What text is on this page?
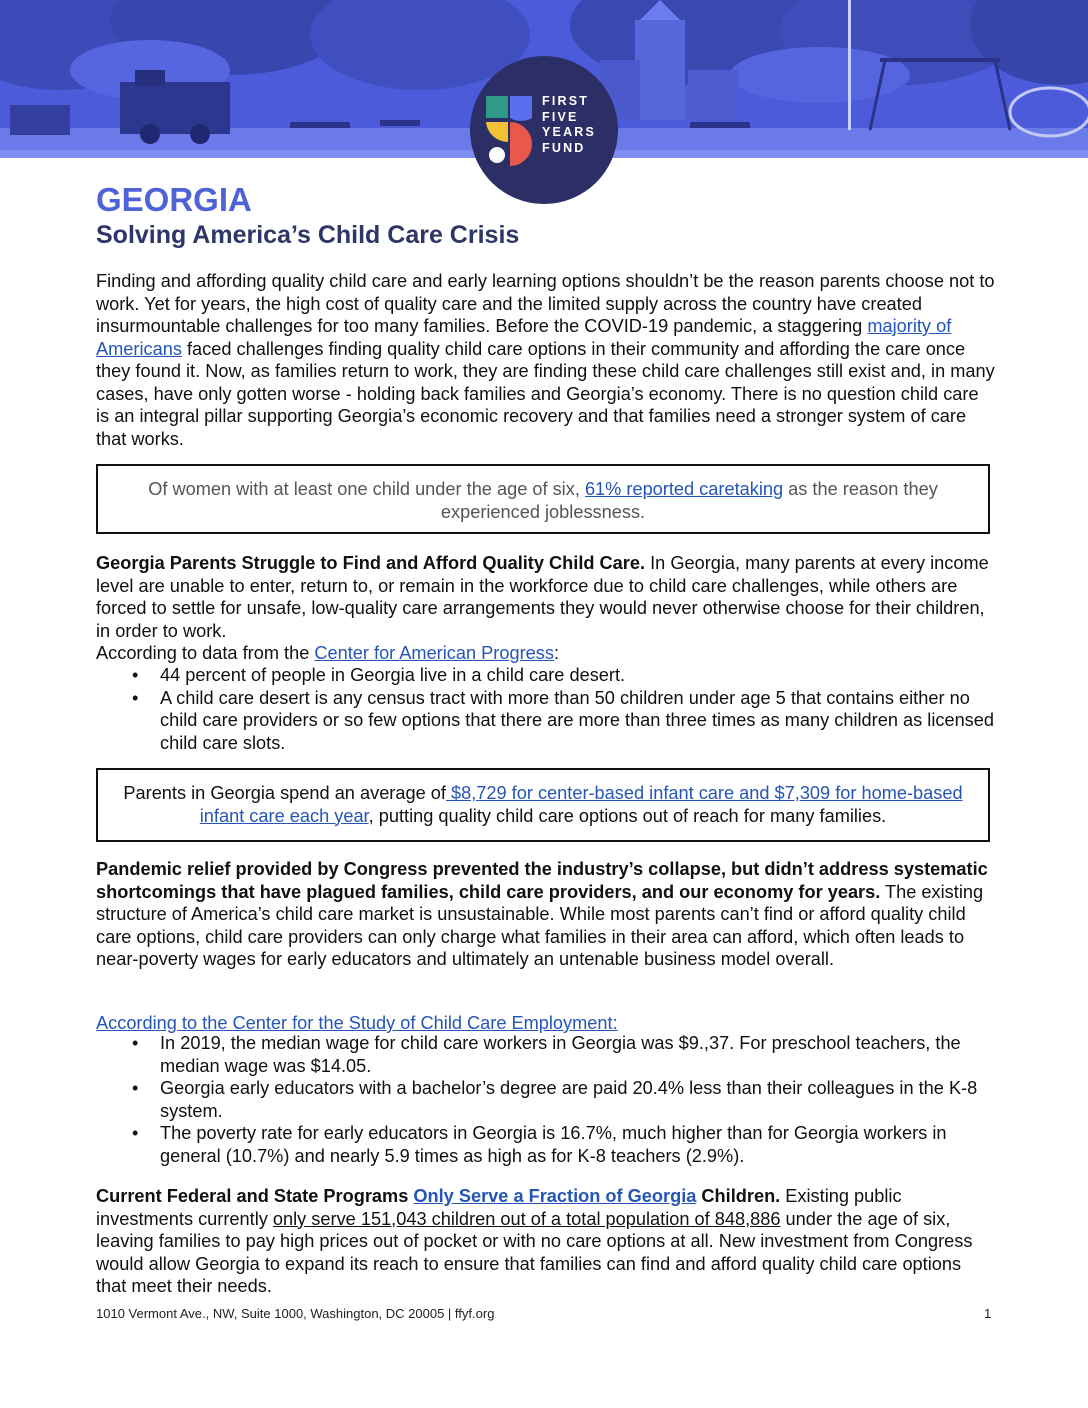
FIRST
FIVE
YEARS
FUND
GEORGIA
Solving America’s Child Care Crisis

Finding and affording quality child care and early learning options shouldn’t be the reason parents choose not to work. Yet for years, the high cost of quality care and the limited supply across the country have created insurmountable challenges for too many families. Before the COVID-19 pandemic, a staggering majority of Americans faced challenges finding quality child care options in their community and affording the care once they found it. Now, as families return to work, they are finding these child care challenges still exist and, in many cases, have only gotten worse - holding back families and Georgia’s economy. There is no question child care is an integral pillar supporting Georgia’s economic recovery and that families need a stronger system of care that works.

Of women with at least one child under the age of six, 61% reported caretaking as the reason they experienced joblessness.

Georgia Parents Struggle to Find and Afford Quality Child Care. In Georgia, many parents at every income level are unable to enter, return to, or remain in the workforce due to child care challenges, while others are forced to settle for unsafe, low-quality care arrangements they would never otherwise choose for their children, in order to work.

According to data from the Center for American Progress:

• 44 percent of people in Georgia live in a child care desert.
• A child care desert is any census tract with more than 50 children under age 5 that contains either no child care providers or so few options that there are more than three times as many children as licensed child care slots.
Parents in Georgia spend an average of $8,729 for center-based infant care and $7,309 for home-based infant care each year, putting quality child care options out of reach for many families.

Pandemic relief provided by Congress prevented the industry’s collapse, but didn’t address systematic shortcomings that have plagued families, child care providers, and our economy for years. The existing structure of America’s child care market is unsustainable. While most parents can’t find or afford quality child care options, child care providers can only charge what families in their area can afford, which often leads to near-poverty wages for early educators and ultimately an untenable business model overall.

According to the Center for the Study of Child Care Employment:

• In 2019, the median wage for child care workers in Georgia was $9.,37. For preschool teachers, the median wage was $14.05.
• Georgia early educators with a bachelor’s degree are paid 20.4% less than their colleagues in the K-8 system.
• The poverty rate for early educators in Georgia is 16.7%, much higher than for Georgia workers in general (10.7%) and nearly 5.9 times as high as for K-8 teachers (2.9%).

Current Federal and State Programs Only Serve a Fraction of Georgia Children. Existing public investments currently only serve 151,043 children out of a total population of 848,886 under the age of six, leaving families to pay high prices out of pocket or with no care options at all. New investment from Congress would allow Georgia to expand its reach to ensure that families can find and afford quality child care options that meet their needs.

1010 Vermont Ave., NW, Suite 1000, Washington, DC 20005 | ffyf.org	1
